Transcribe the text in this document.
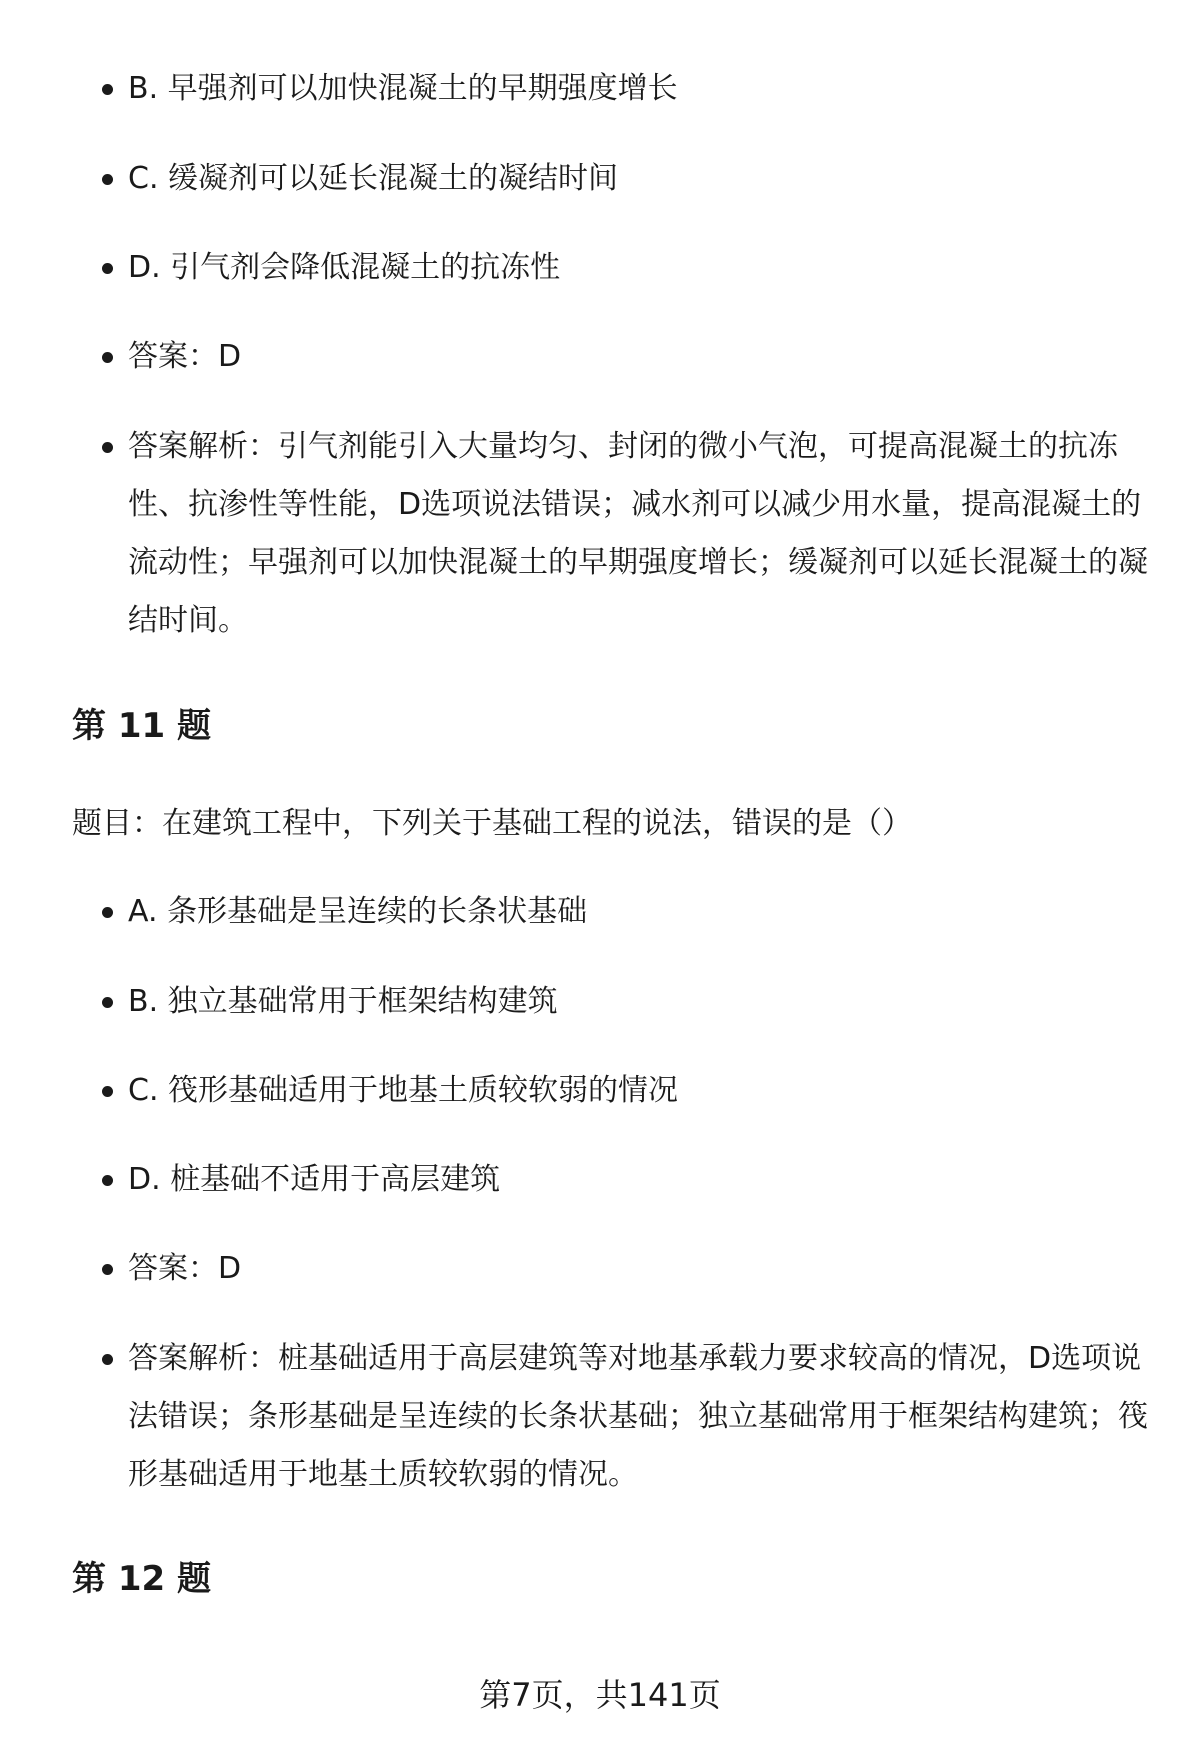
B. 早强剂可以加快混凝土的早期强度增长
C. 缓凝剂可以延长混凝土的凝结时间
D. 引气剂会降低混凝土的抗冻性
答案：D
答案解析：引气剂能引入大量均匀、封闭的微小气泡，可提高混凝土的抗冻性、抗渗性等性能，D选项说法错误；减水剂可以减少用水量，提高混凝土的流动性；早强剂可以加快混凝土的早期强度增长；缓凝剂可以延长混凝土的凝结时间。
第 11 题

题目：在建筑工程中，下列关于基础工程的说法，错误的是（）

A. 条形基础是呈连续的长条状基础
B. 独立基础常用于框架结构建筑
C. 筏形基础适用于地基土质较软弱的情况
D. 桩基础不适用于高层建筑
答案：D
答案解析：桩基础适用于高层建筑等对地基承载力要求较高的情况，D选项说法错误；条形基础是呈连续的长条状基础；独立基础常用于框架结构建筑；筏形基础适用于地基土质较软弱的情况。
第 12 题
第7页，共141页
